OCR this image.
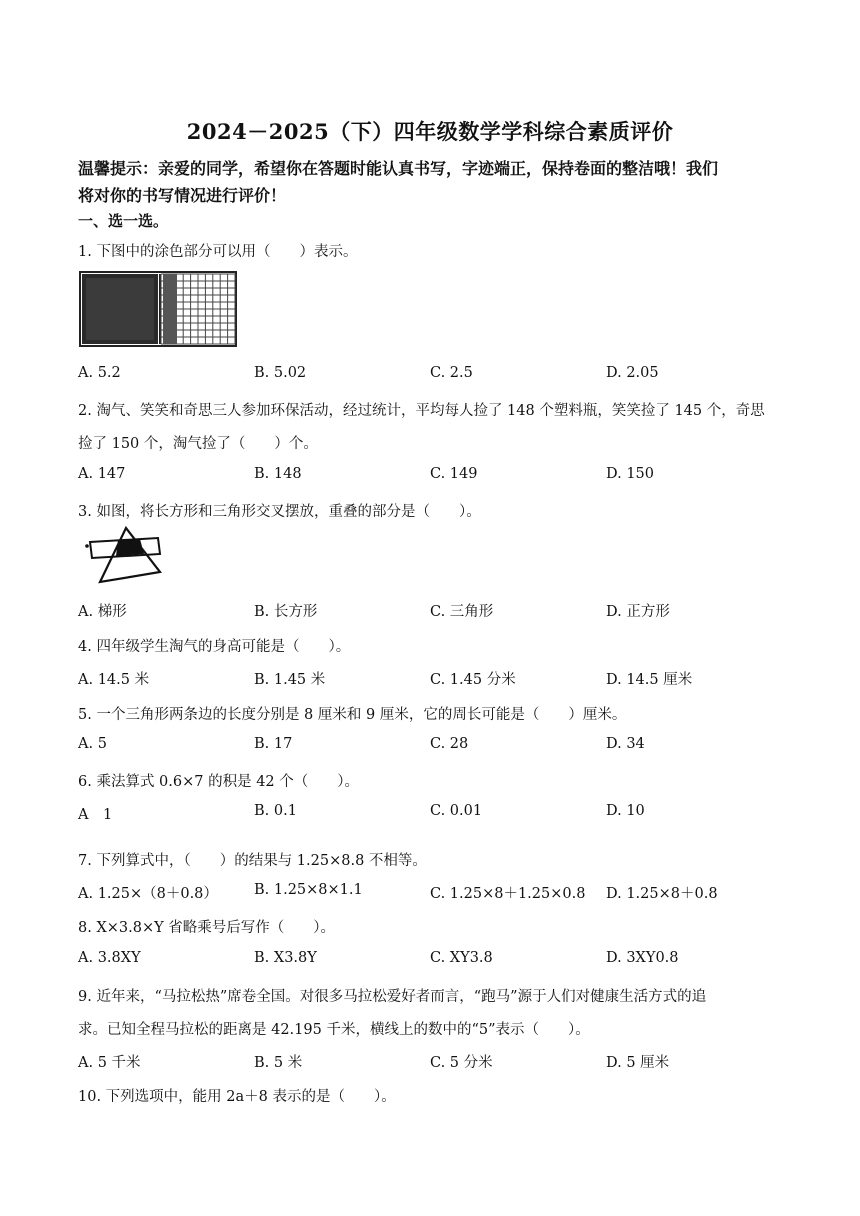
2024－2025（下）四年级数学学科综合素质评价
温馨提示：亲爱的同学，希望你在答题时能认真书写，字迹端正，保持卷面的整洁哦！我们
将对你的书写情况进行评价！
一、选一选。
1. 下图中的涂色部分可以用（　　）表示。
A. 5.2	B. 5.02	C. 2.5	D. 2.05
2. 淘气、笑笑和奇思三人参加环保活动，经过统计，平均每人捡了 148 个塑料瓶，笑笑捡了 145 个，奇思
捡了 150 个，淘气捡了（　　）个。
A. 147	B. 148	C. 149	D. 150
3. 如图，将长方形和三角形交叉摆放，重叠的部分是（　　）。
A. 梯形	B. 长方形	C. 三角形	D. 正方形
4. 四年级学生淘气的身高可能是（　　）。
A. 14.5 米	B. 1.45 米	C. 1.45 分米	D. 14.5 厘米
5. 一个三角形两条边的长度分别是 8 厘米和 9 厘米，它的周长可能是（　　）厘米。
A. 5	B. 17	C. 28	D. 34
6. 乘法算式 0.6×7 的积是 42 个（　　）。
A　1	B. 0.1	C. 0.01	D. 10
7. 下列算式中，（　　）的结果与 1.25×8.8 不相等。
A. 1.25×（8＋0.8） B. 1.25×8×1.1	C. 1.25×8＋1.25×0.8 D. 1.25×8＋0.8
8. X×3.8×Y 省略乘号后写作（　　）。
A. 3.8XY	B. X3.8Y	C. XY3.8	D. 3XY0.8
9. 近年来，“马拉松热”席卷全国。对很多马拉松爱好者而言，“跑马”源于人们对健康生活方式的追
求。已知全程马拉松的距离是 42.195 千米，横线上的数中的“5”表示（　　）。
A. 5 千米	B. 5 米	C. 5 分米	D. 5 厘米
10. 下列选项中，能用 2a＋8 表示的是（　　）。
